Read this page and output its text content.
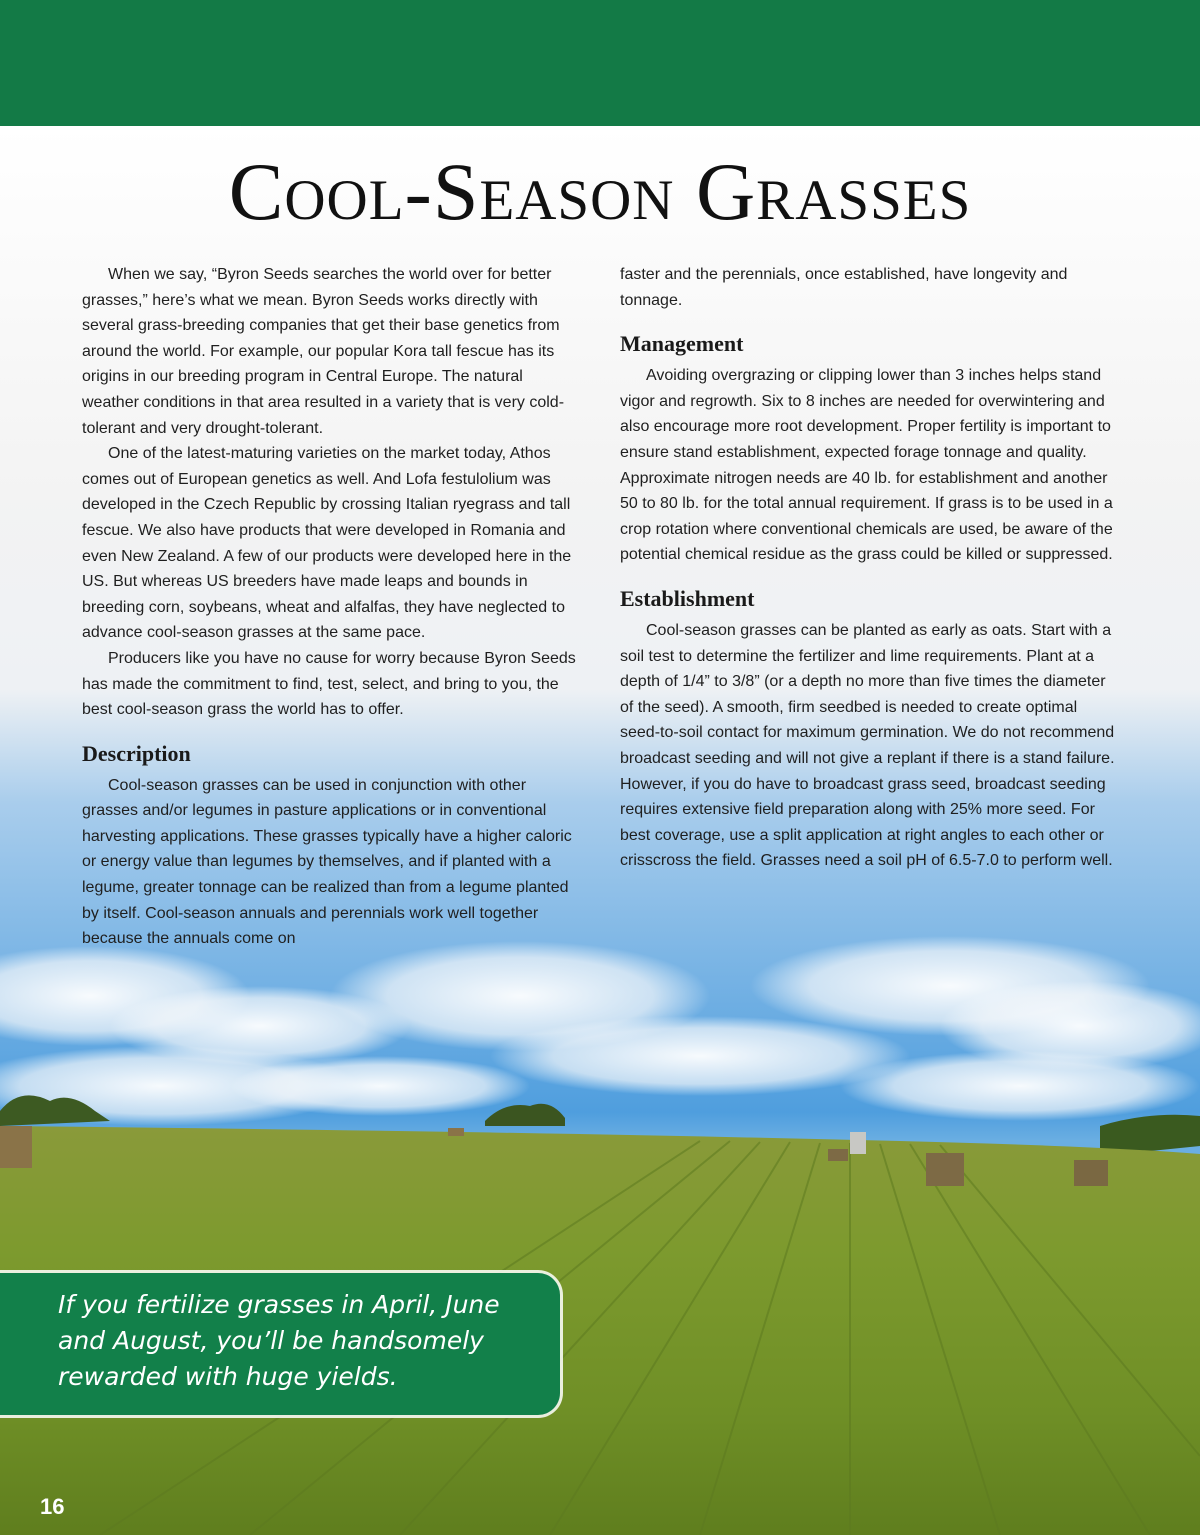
Cool-Season Grasses

When we say, “Byron Seeds searches the world over for better grasses,” here’s what we mean. Byron Seeds works directly with several grass-breeding companies that get their base genetics from around the world. For example, our popular Kora tall fescue has its origins in our breeding program in Central Europe. The natural weather conditions in that area resulted in a variety that is very cold-tolerant and very drought-tolerant.

One of the latest-maturing varieties on the market today, Athos comes out of European genetics as well. And Lofa festulolium was developed in the Czech Republic by crossing Italian ryegrass and tall fescue. We also have products that were developed in Romania and even New Zealand. A few of our products were developed here in the US. But whereas US breeders have made leaps and bounds in breeding corn, soybeans, wheat and alfalfas, they have neglected to advance cool-season grasses at the same pace.

Producers like you have no cause for worry because Byron Seeds has made the commitment to find, test, select, and bring to you, the best cool-season grass the world has to offer.

Description

Cool-season grasses can be used in conjunction with other grasses and/or legumes in pasture applications or in conventional harvesting applications. These grasses typically have a higher caloric or energy value than legumes by themselves, and if planted with a legume, greater tonnage can be realized than from a legume planted by itself. Cool-season annuals and perennials work well together because the annuals come on

faster and the perennials, once established, have longevity and tonnage.

Management

Avoiding overgrazing or clipping lower than 3 inches helps stand vigor and regrowth. Six to 8 inches are needed for overwintering and also encourage more root development. Proper fertility is important to ensure stand establishment, expected forage tonnage and quality. Approximate nitrogen needs are 40 lb. for establishment and another 50 to 80 lb. for the total annual requirement. If grass is to be used in a crop rotation where conventional chemicals are used, be aware of the potential chemical residue as the grass could be killed or suppressed.

Establishment

Cool-season grasses can be planted as early as oats. Start with a soil test to determine the fertilizer and lime requirements. Plant at a depth of 1/4” to 3/8” (or a depth no more than five times the diameter of the seed). A smooth, firm seedbed is needed to create optimal seed-to-soil contact for maximum germination. We do not recommend broadcast seeding and will not give a replant if there is a stand failure. However, if you do have to broadcast grass seed, broadcast seeding requires extensive field preparation along with 25% more seed. For best coverage, use a split application at right angles to each other or crisscross the field. Grasses need a soil pH of 6.5-7.0 to perform well.

If you fertilize grasses in April, June and August, you’ll be handsomely rewarded with huge yields.

16
